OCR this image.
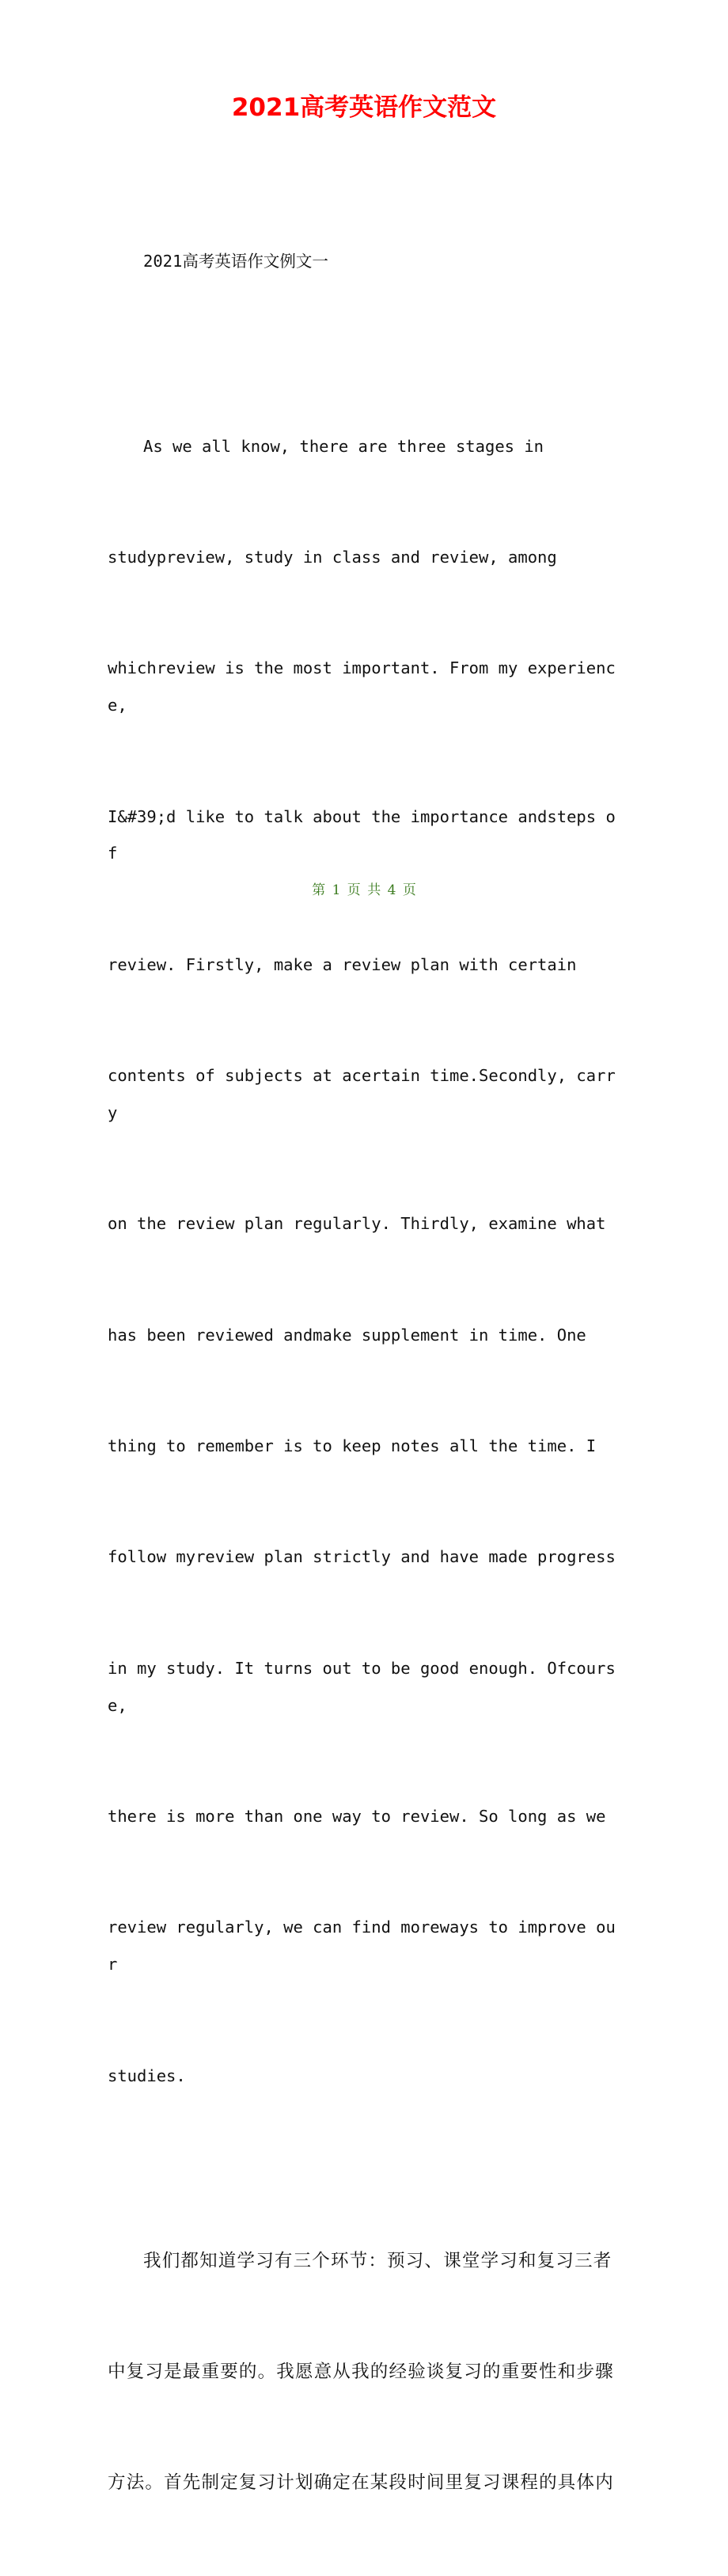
2021高考英语作文范文

2021高考英语作文例文一

As we all know, there are three stages in

studypreview, study in class and review, among

whichreview is the most important. From my experience,

I&#39;d like to talk about the importance andsteps of

review. Firstly, make a review plan with certain

contents of subjects at acertain time.Secondly, carry

on the review plan regularly. Thirdly, examine what

has been reviewed andmake supplement in time. One

thing to remember is to keep notes all the time. I

follow myreview plan strictly and have made progress

in my study. It turns out to be good enough. Ofcourse,

there is more than one way to review. So long as we

review regularly, we can find moreways to improve our

studies.

我们都知道学习有三个环节：预习、课堂学习和复习三者

中复习是最重要的。我愿意从我的经验谈复习的重要性和步骤

方法。首先制定复习计划确定在某段时间里复习课程的具体内

第 1 页 共 4 页
